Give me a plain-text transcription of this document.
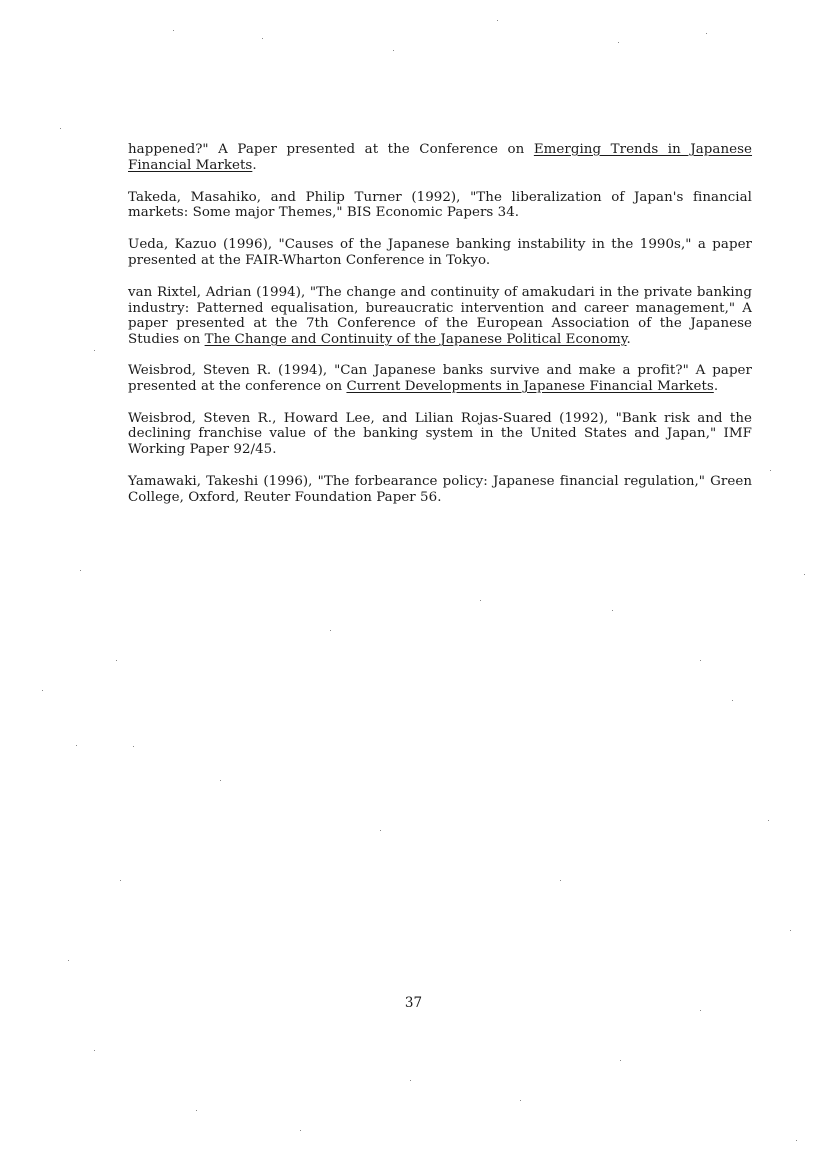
happened?" A Paper presented at the Conference on Emerging Trends in Japanese Financial Markets.

Takeda, Masahiko, and Philip Turner (1992), "The liberalization of Japan's financial markets: Some major Themes," BIS Economic Papers 34.

Ueda, Kazuo (1996), "Causes of the Japanese banking instability in the 1990s," a paper presented at the FAIR-Wharton Conference in Tokyo.

van Rixtel, Adrian (1994), "The change and continuity of amakudari in the private banking industry: Patterned equalisation, bureaucratic intervention and career management," A paper presented at the 7th Conference of the European Association of the Japanese Studies on The Change and Continuity of the Japanese Political Economy.

Weisbrod, Steven R. (1994), "Can Japanese banks survive and make a profit?" A paper presented at the conference on Current Developments in Japanese Financial Markets.

Weisbrod, Steven R., Howard Lee, and Lilian Rojas-Suared (1992), "Bank risk and the declining franchise value of the banking system in the United States and Japan," IMF Working Paper 92/45.

Yamawaki, Takeshi (1996), "The forbearance policy: Japanese financial regulation," Green College, Oxford, Reuter Foundation Paper 56.

37
